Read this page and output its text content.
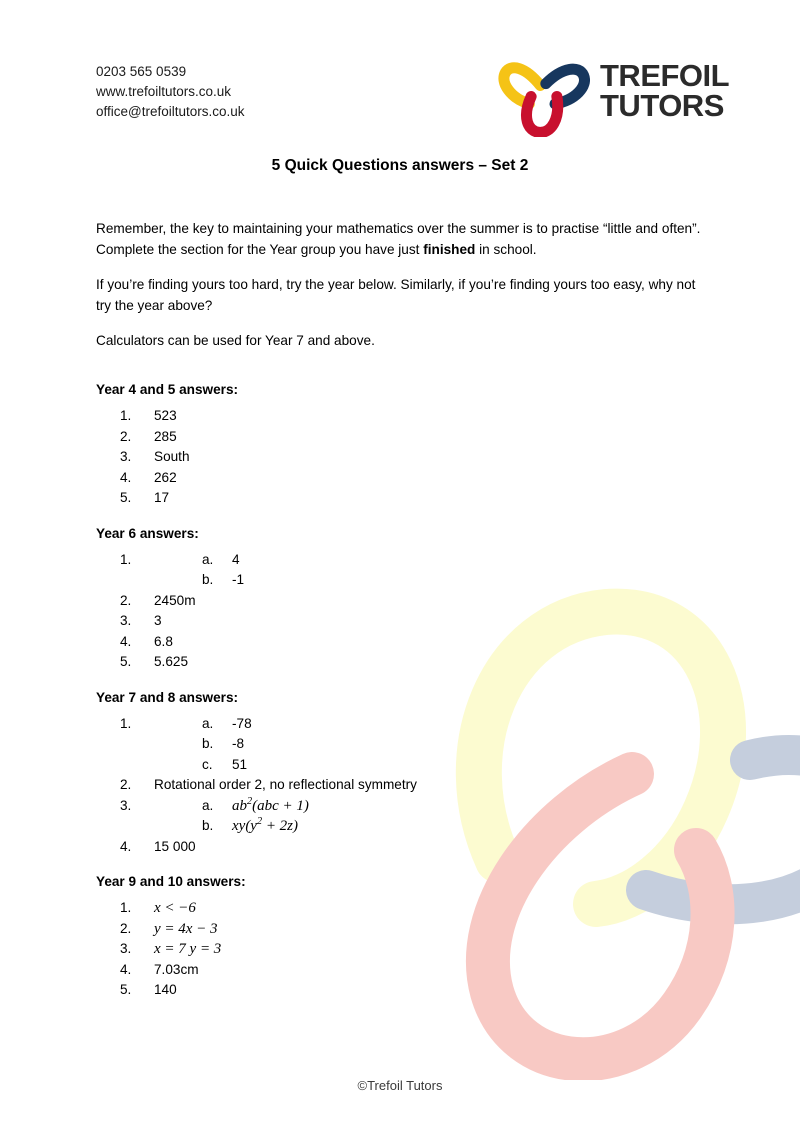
0203 565 0539
www.trefoiltutors.co.uk
office@trefoiltutors.co.uk
TREFOIL
TUTORS
5 Quick Questions answers – Set 2

Remember, the key to maintaining your mathematics over the summer is to practise “little and often”. Complete the section for the Year group you have just finished in school.

If you’re finding yours too hard, try the year below. Similarly, if you’re finding yours too easy, why not try the year above?

Calculators can be used for Year 7 and above.

Year 4 and 5 answers:
1.	523
2.	285
3.	South
4.	262
5.	17
Year 6 answers:
1.	a.	4
b.	-1
2.	2450m
3.	3
4.	6.8
5.	5.625
Year 7 and 8 answers:
1.	a.	-78
b.	-8
c.	51
2.	Rotational order 2, no reflectional symmetry
3.	a.	$ab^2(abc + 1)$
b.	$xy(y^2 + 2z)$
4.	15 000
Year 9 and 10 answers:
1.	x < −6
2.	y = 4x − 3
3.	x = 7 y = 3
4.	7.03cm
5.	140
©Trefoil Tutors
